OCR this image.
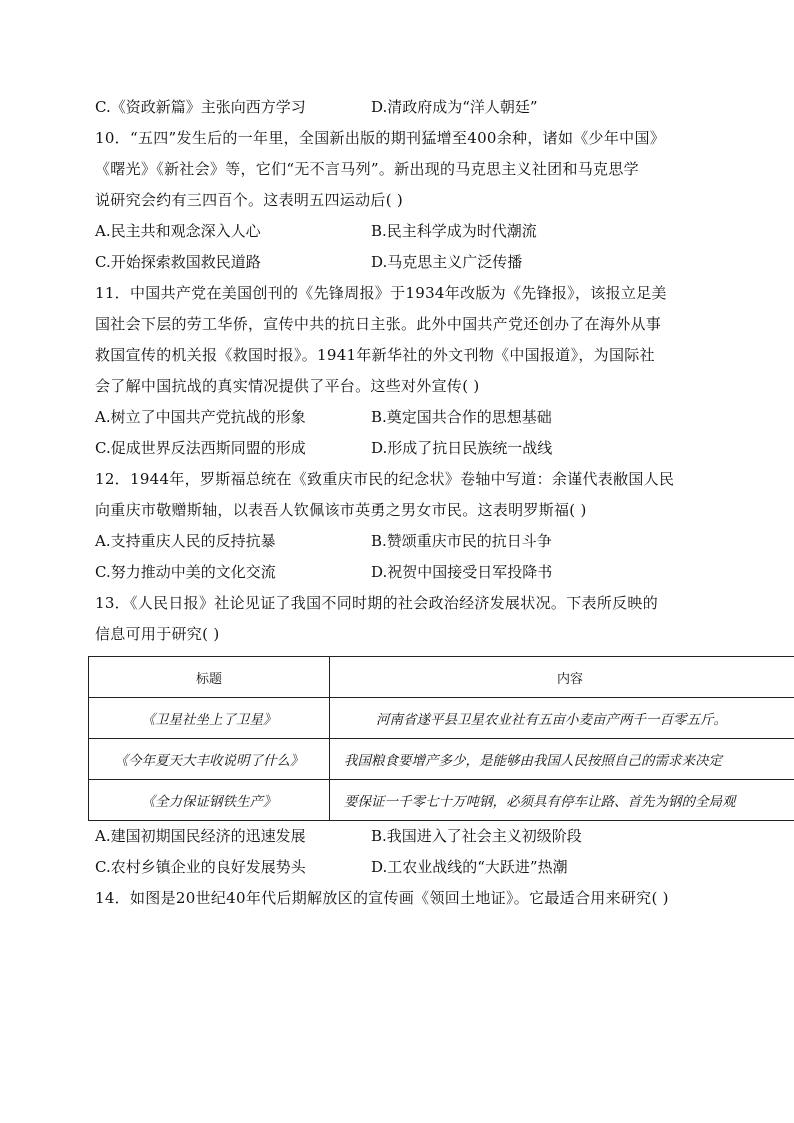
C.《资政新篇》主张向西方学习	D.清政府成为“洋人朝廷”
10．“五四”发生后的一年里，全国新出版的期刊猛增至400余种，诸如《少年中国》
《曙光》《新社会》等，它们“无不言马列”。新出现的马克思主义社团和马克思学
说研究会约有三四百个。这表明五四运动后( )
A.民主共和观念深入人心	B.民主科学成为时代潮流
C.开始探索救国救民道路	D.马克思主义广泛传播
11．中国共产党在美国创刊的《先锋周报》于1934年改版为《先锋报》，该报立足美
国社会下层的劳工华侨，宣传中共的抗日主张。此外中国共产党还创办了在海外从事
救国宣传的机关报《救国时报》。1941年新华社的外文刊物《中国报道》，为国际社
会了解中国抗战的真实情况提供了平台。这些对外宣传( )
A.树立了中国共产党抗战的形象	B.奠定国共合作的思想基础
C.促成世界反法西斯同盟的形成	D.形成了抗日民族统一战线
12．1944年，罗斯福总统在《致重庆市民的纪念状》卷轴中写道：余谨代表敝国人民
向重庆市敬赠斯轴，以表吾人钦佩该市英勇之男女市民。这表明罗斯福( )
A.支持重庆人民的反持抗暴	B.赞颂重庆市民的抗日斗争
C.努力推动中美的文化交流	D.祝贺中国接受日军投降书
13．《人民日报》社论见证了我国不同时期的社会政治经济发展状况。下表所反映的
信息可用于研究( )
标题	内容
《卫星社坐上了卫星》	河南省遂平县卫星农业社有五亩小麦亩产两千一百零五斤。
《今年夏天大丰收说明了什么》	我国粮食要增产多少，是能够由我国人民按照自己的需求来决定
《全力保证钢铁生产》	要保证一千零七十万吨钢，必须具有停车让路、首先为钢的全局观
A.建国初期国民经济的迅速发展	B.我国进入了社会主义初级阶段
C.农村乡镇企业的良好发展势头	D.工农业战线的“大跃进”热潮
14．如图是20世纪40年代后期解放区的宣传画《领回土地证》。它最适合用来研究( )
